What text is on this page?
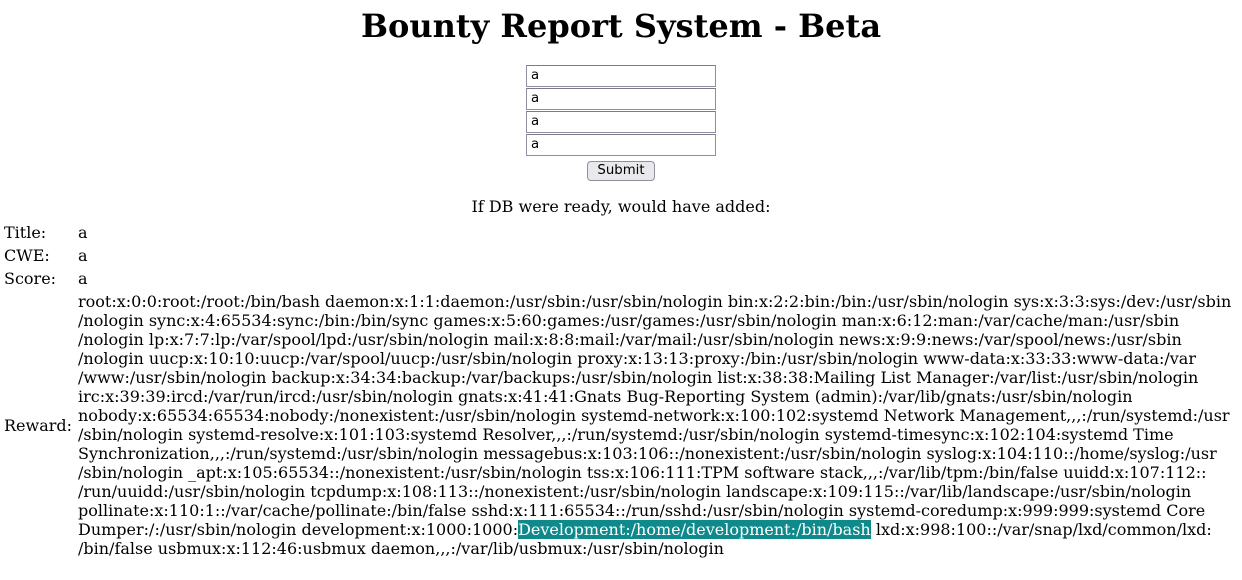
Bounty Report System - Beta
a
a
a
a
Submit

If DB were ready, would have added:

Title:	a
CWE:	a
Score:	a
Reward:	root:x:0:0:root:​/root:​/bin​/bash daemon:x:1:1:daemon:​/usr​/sbin:​/usr​/sbin​/nologin bin:x:2:2:bin:​/bin:​/usr​/sbin​/nologin sys:x:3:3:sys:​/dev:​/usr​/sbin​/nologin sync:x:4:65534:sync:​/bin:​/bin​/sync games:x:5:60:games:​/usr​/games:​/usr​/sbin​/nologin man:x:6:12:man:​/var​/cache​/man:​/usr​/sbin​/nologin lp:x:7:7:lp:​/var​/spool​/lpd:​/usr​/sbin​/nologin mail:x:8:8:mail:​/var​/mail:​/usr​/sbin​/nologin news:x:9:9:news:​/var​/spool​/news:​/usr​/sbin​/nologin uucp:x:10:10:uucp:​/var​/spool​/uucp:​/usr​/sbin​/nologin proxy:x:13:13:proxy:​/bin:​/usr​/sbin​/nologin www-data:x:33:33:www-data:​/var​/www:​/usr​/sbin​/nologin backup:x:34:34:backup:​/var​/backups:​/usr​/sbin​/nologin list:x:38:38:Mailing List Manager:​/var​/list:​/usr​/sbin​/nologin irc:x:39:39:ircd:​/var​/run​/ircd:​/usr​/sbin​/nologin gnats:x:41:41:Gnats Bug-Reporting System (admin):​/var​/lib​/gnats:​/usr​/sbin​/nologin nobody:x:65534:65534:nobody:​/nonexistent:​/usr​/sbin​/nologin systemd-network:x:100:102:systemd Network Management,,,:​/run​/systemd:​/usr​/sbin​/nologin systemd-resolve:x:101:103:systemd Resolver,,,:​/run​/systemd:​/usr​/sbin​/nologin systemd-timesync:x:102:104:systemd Time Synchronization,,,:​/run​/systemd:​/usr​/sbin​/nologin messagebus:x:103:106::​/nonexistent:​/usr​/sbin​/nologin syslog:x:104:110::​/home​/syslog:​/usr​/sbin​/nologin _apt:x:105:65534::​/nonexistent:​/usr​/sbin​/nologin tss:x:106:111:TPM software stack,,,:​/var​/lib​/tpm:​/bin​/false uuidd:x:107:112::​/run​/uuidd:​/usr​/sbin​/nologin tcpdump:x:108:113::​/nonexistent:​/usr​/sbin​/nologin landscape:x:109:115::​/var​/lib​/landscape:​/usr​/sbin​/nologin pollinate:x:110:1::​/var​/cache​/pollinate:​/bin​/false sshd:x:111:65534::​/run​/sshd:​/usr​/sbin​/nologin systemd-coredump:x:999:999:systemd Core Dumper:​/:​/usr​/sbin​/nologin development:x:1000:1000:Development:​/home​/development:​/bin​/bash lxd:x:998:100::​/var​/snap​/lxd​/common​/lxd:​/bin​/false usbmux:x:112:46:usbmux daemon,,,:​/var​/lib​/usbmux:​/usr​/sbin​/nologin
